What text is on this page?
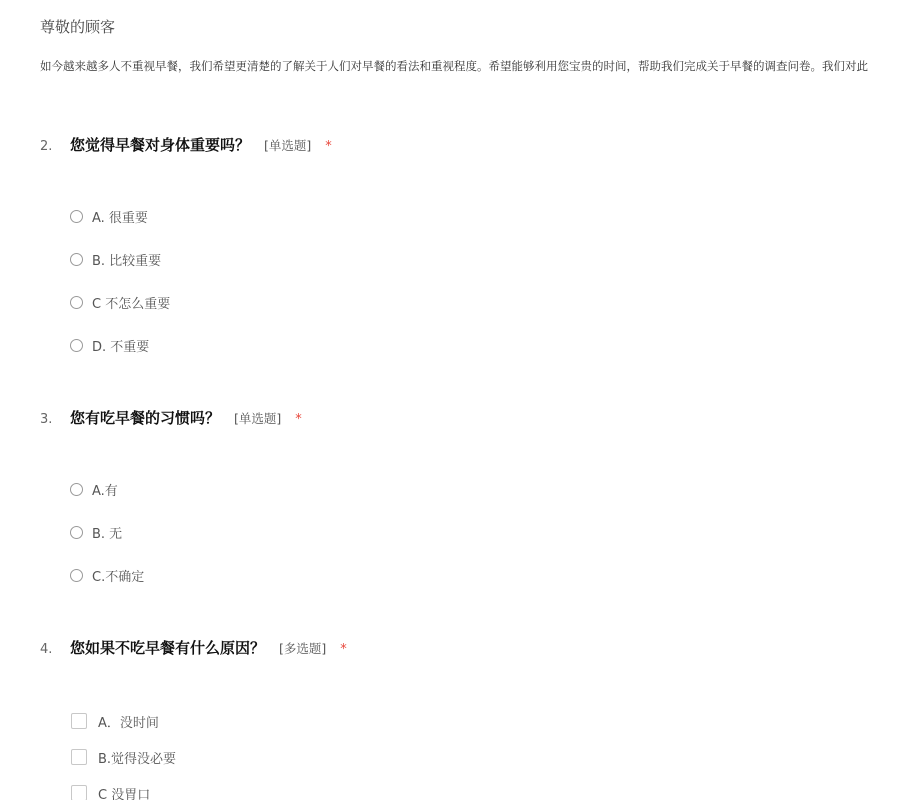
尊敬的顾客
如今越来越多人不重视早餐，我们希望更清楚的了解关于人们对早餐的看法和重视程度。希望能够利用您宝贵的时间，帮助我们完成关于早餐的调查问卷。我们对此
2.	您觉得早餐对身体重要吗？ [单选题] *
A. 很重要
B. 比较重要
C 不怎么重要
D. 不重要
3.	您有吃早餐的习惯吗？ [单选题] *
A.有
B. 无
C.不确定
4.	您如果不吃早餐有什么原因？ [多选题] *
A．没时间
B.觉得没必要
C 没胃口
